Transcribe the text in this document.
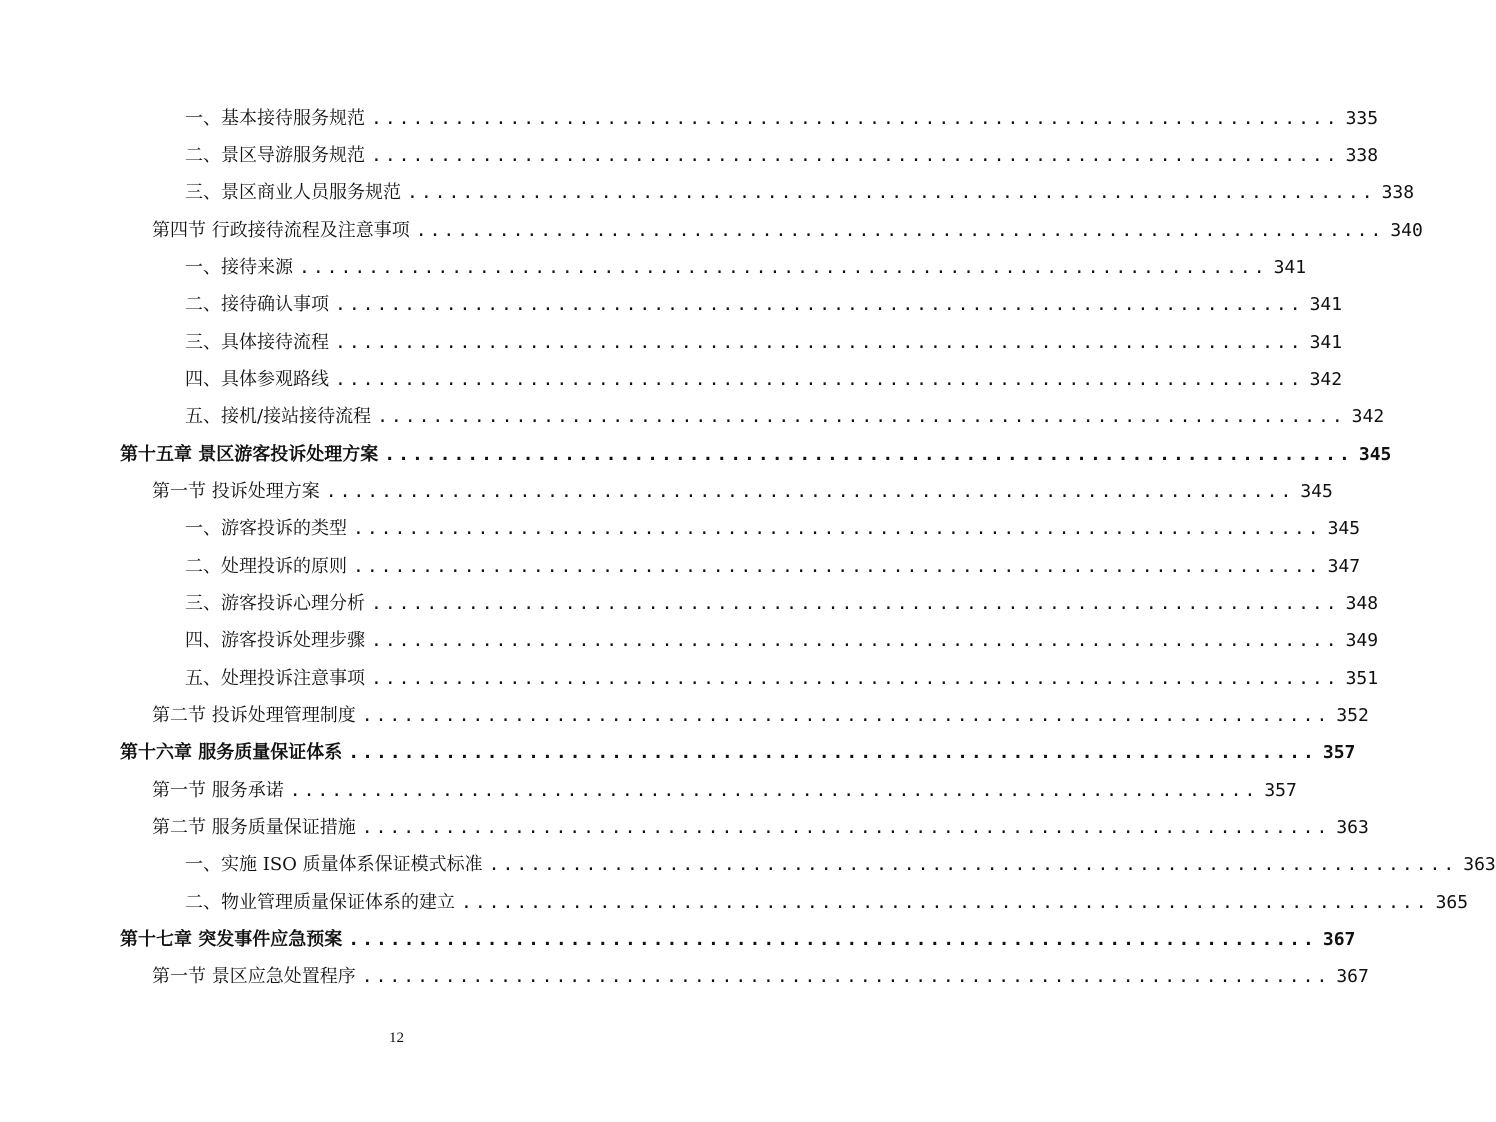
一、基本接待服务规范 ...................................................................... 335
二、景区导游服务规范 ...................................................................... 338
三、景区商业人员服务规范 ...................................................................... 338
第四节 行政接待流程及注意事项 ...................................................................... 340
一、接待来源 ...................................................................... 341
二、接待确认事项 ...................................................................... 341
三、具体接待流程 ...................................................................... 341
四、具体参观路线 ...................................................................... 342
五、接机/接站接待流程 ...................................................................... 342
第十五章 景区游客投诉处理方案 ...................................................................... 345
第一节 投诉处理方案 ...................................................................... 345
一、游客投诉的类型 ...................................................................... 345
二、处理投诉的原则 ...................................................................... 347
三、游客投诉心理分析 ...................................................................... 348
四、游客投诉处理步骤 ...................................................................... 349
五、处理投诉注意事项 ...................................................................... 351
第二节 投诉处理管理制度 ...................................................................... 352
第十六章 服务质量保证体系 ...................................................................... 357
第一节 服务承诺 ...................................................................... 357
第二节 服务质量保证措施 ...................................................................... 363
一、实施 ISO 质量体系保证模式标准 ...................................................................... 363
二、物业管理质量保证体系的建立 ...................................................................... 365
第十七章 突发事件应急预案 ...................................................................... 367
第一节 景区应急处置程序 ...................................................................... 367
12
